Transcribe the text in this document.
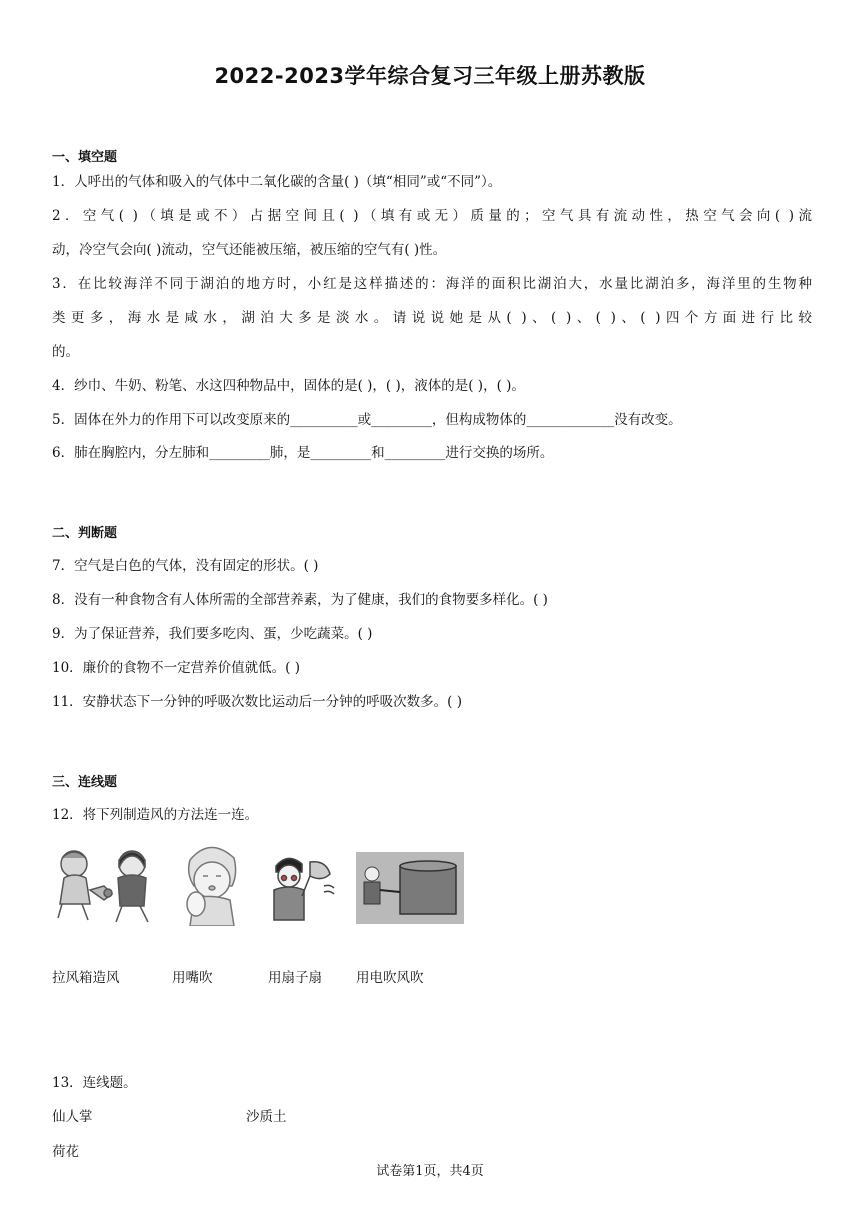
2022-2023学年综合复习三年级上册苏教版
一、填空题
1．人呼出的气体和吸入的气体中二氧化碳的含量( )（填“相同”或“不同”）。
2．空气( )（填是或不）占据空间且( )（填有或无）质量的；空气具有流动性，热空气会向( )流
动，冷空气会向( )流动，空气还能被压缩，被压缩的空气有( )性。
3．在比较海洋不同于湖泊的地方时，小红是这样描述的：海洋的面积比湖泊大，水量比湖泊多，海洋里的生物种
类更多，海水是咸水，湖泊大多是淡水。请说说她是从( )、( )、( )、( )四个方面进行比较
的。
4．纱巾、牛奶、粉笔、水这四种物品中，固体的是( )，( )，液体的是( )，( )。
5．固体在外力的作用下可以改变原来的__________或_________，但构成物体的_____________没有改变。
6．肺在胸腔内，分左肺和_________肺，是_________和_________进行交换的场所。
二、判断题
7．空气是白色的气体，没有固定的形状。( )
8．没有一种食物含有人体所需的全部营养素，为了健康，我们的食物要多样化。( )
9．为了保证营养，我们要多吃肉、蛋，少吃蔬菜。( )
10．廉价的食物不一定营养价值就低。( )
11．安静状态下一分钟的呼吸次数比运动后一分钟的呼吸次数多。( )
三、连线题
12．将下列制造风的方法连一连。
拉风箱造风	用嘴吹	用扇子扇	用电吹风吹
13．连线题。
仙人掌	沙质土
荷花
试卷第1页，共4页
